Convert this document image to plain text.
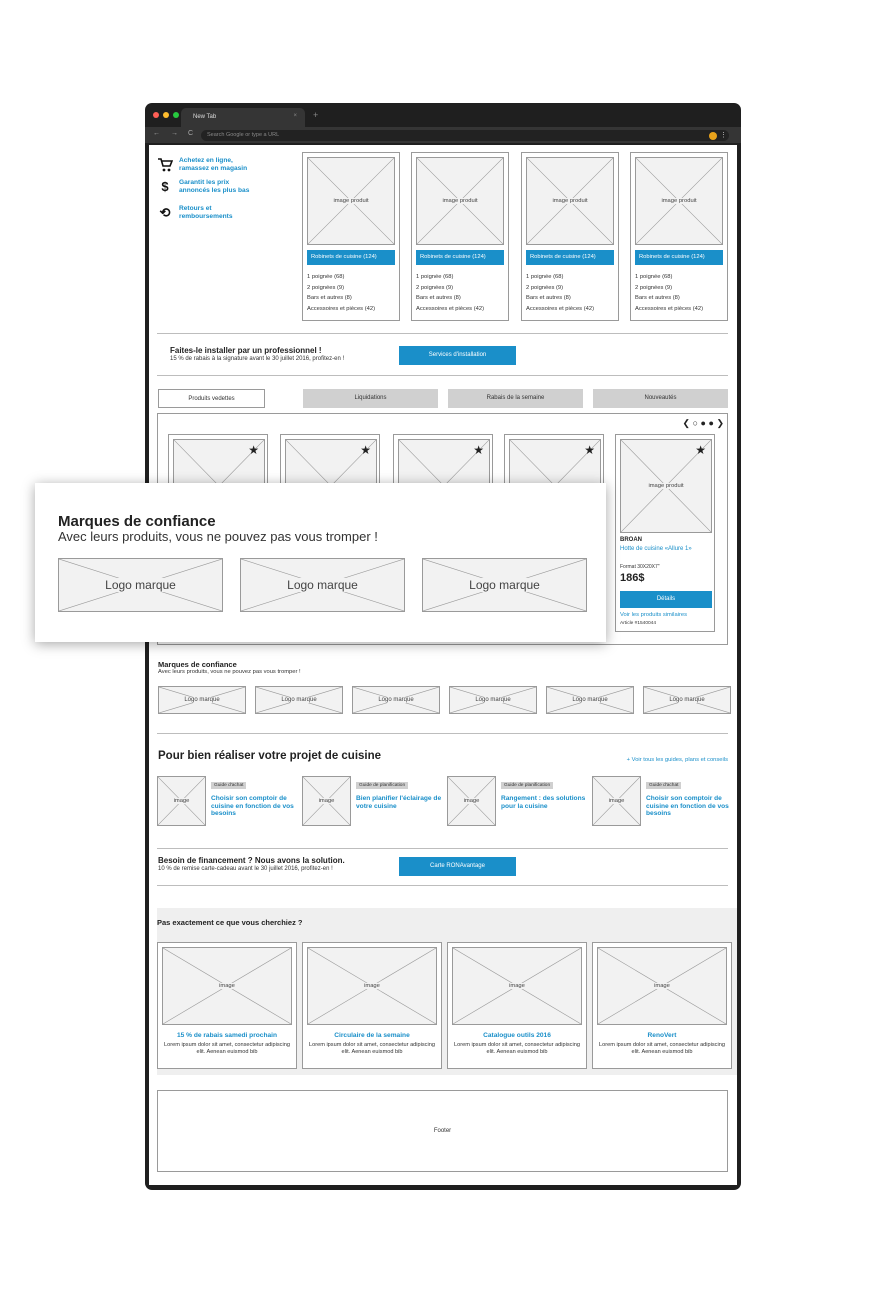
New Tab	× +
← → C	Search Google or type a URL	⋮
Achetez en ligne, ramassez en magasin
$	Garantit les prix annoncés les plus bas
⟲	Retours et remboursements
image produit
Robinets de cuisine (124)
1 poignée (68)
2 poignées (9)
Bars et autres (8)
Accessoires et pièces (42)
image produit
Robinets de cuisine (124)
1 poignée (68)
2 poignées (9)
Bars et autres (8)
Accessoires et pièces (42)
image produit
Robinets de cuisine (124)
1 poignée (68)
2 poignées (9)
Bars et autres (8)
Accessoires et pièces (42)
image produit
Robinets de cuisine (124)
1 poignée (68)
2 poignées (9)
Bars et autres (8)
Accessoires et pièces (42)
Faites-le installer par un professionnel !
15 % de rabais à la signature avant le 30 juillet 2016, profitez-en !
Services d'installation
Produits vedettes	Liquidations	Rabais de la semaine	Nouveautés
❮ ○ ● ● ❯
★	★	★	★
image produit
★
BROAN
Hotte de cuisine «Allure 1»
Format 30X20X7"
186$
Détails
Voir les produits similaires
Article #1540044
Marques de confiance
Avec leurs produits, vous ne pouvez pas vous tromper !
Logo marque	Logo marque	Logo marque	Logo marque	Logo marque	Logo marque
Pour bien réaliser votre projet de cuisine	+ Voir tous les guides, plans et conseils
image
Guide d'achat
Choisir son comptoir de cuisine en fonction de vos besoins
image
Guide de planification
Bien planifier l'éclairage de votre cuisine
image
Guide de planification
Rangement : des solutions pour la cuisine
image
Guide d'achat
Choisir son comptoir de cuisine en fonction de vos besoins
Besoin de financement ? Nous avons la solution.
10 % de remise carte-cadeau avant le 30 juillet 2016, profitez-en !	Carte RONAvantage
Pas exactement ce que vous cherchiez ?
image
15 % de rabais samedi prochain
Lorem ipsum dolor sit amet, consectetur adipiscing elit. Aenean euismod bib
image
Circulaire de la semaine
Lorem ipsum dolor sit amet, consectetur adipiscing elit. Aenean euismod bib
image
Catalogue outils 2016
Lorem ipsum dolor sit amet, consectetur adipiscing elit. Aenean euismod bib
image
RenoVert
Lorem ipsum dolor sit amet, consectetur adipiscing elit. Aenean euismod bib
Footer
Marques de confiance
Avec leurs produits, vous ne pouvez pas vous tromper !
Logo marque	Logo marque	Logo marque
